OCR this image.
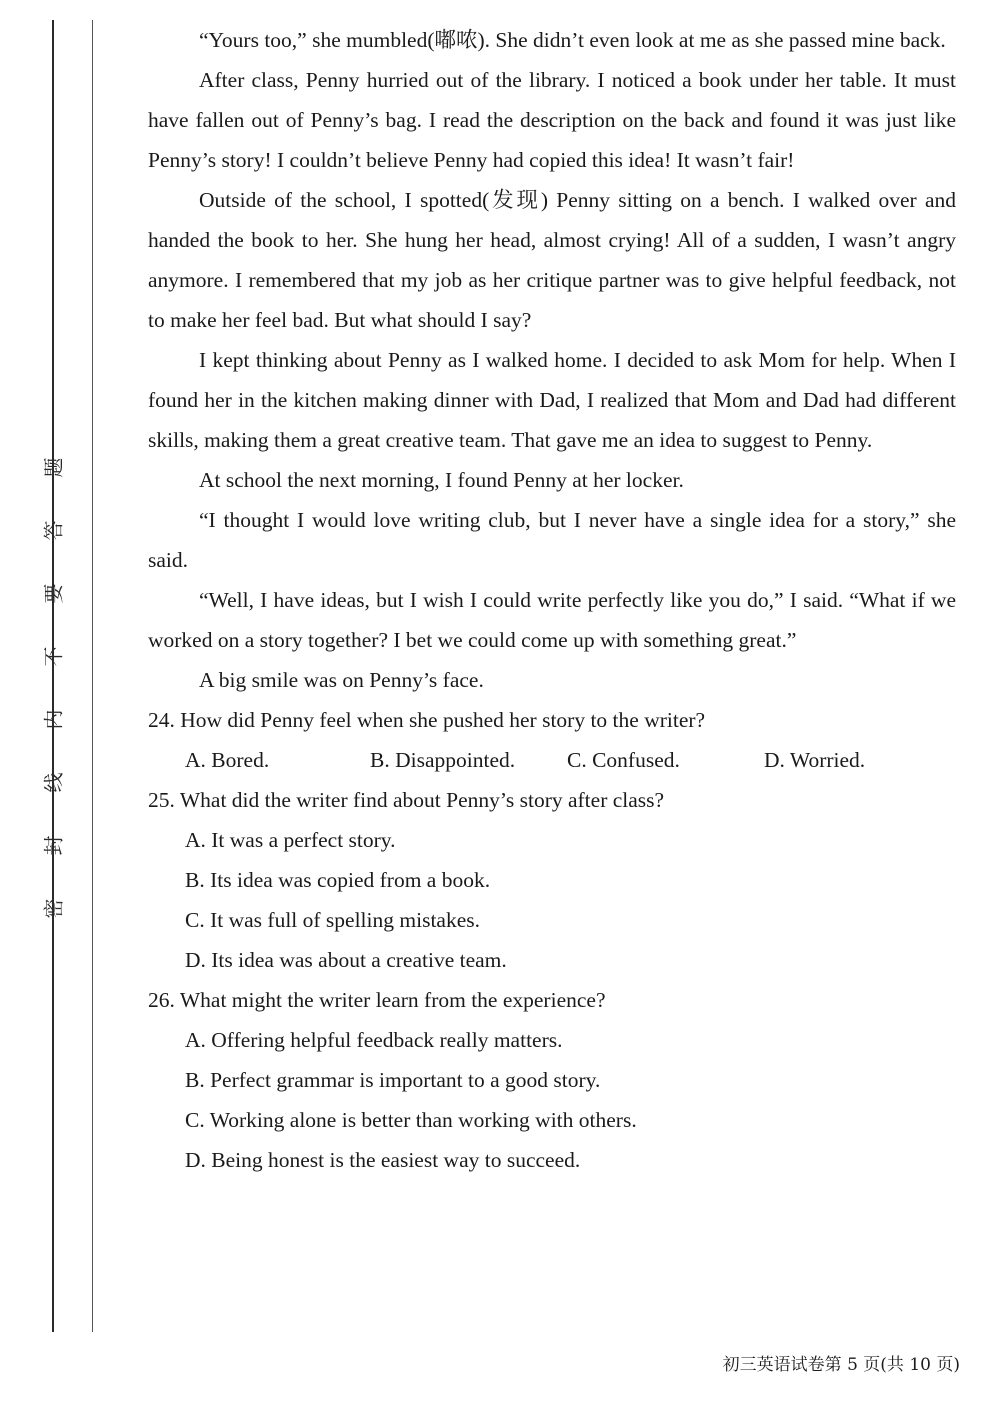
题
答
要
不
内
线
封
密

“Yours too,” she mumbled(嘟哝). She didn’t even look at me as she passed mine back.

After class, Penny hurried out of the library. I noticed a book under her table. It must have fallen out of Penny’s bag. I read the description on the back and found it was just like Penny’s story! I couldn’t believe Penny had copied this idea! It wasn’t fair!

Outside of the school, I spotted(发现) Penny sitting on a bench. I walked over and handed the book to her. She hung her head, almost crying! All of a sudden, I wasn’t angry anymore. I remembered that my job as her critique partner was to give helpful feedback, not to make her feel bad. But what should I say?

I kept thinking about Penny as I walked home. I decided to ask Mom for help. When I found her in the kitchen making dinner with Dad, I realized that Mom and Dad had different skills, making them a great creative team. That gave me an idea to suggest to Penny.

At school the next morning, I found Penny at her locker.

“I thought I would love writing club, but I never have a single idea for a story,” she said.

“Well, I have ideas, but I wish I could write perfectly like you do,” I said. “What if we worked on a story together? I bet we could come up with something great.”

A big smile was on Penny’s face.

24. How did Penny feel when she pushed her story to the writer?

A. Bored.	B. Disappointed.	C. Confused.	D. Worried.

25. What did the writer find about Penny’s story after class?

A. It was a perfect story.

B. Its idea was copied from a book.

C. It was full of spelling mistakes.

D. Its idea was about a creative team.

26. What might the writer learn from the experience?

A. Offering helpful feedback really matters.

B. Perfect grammar is important to a good story.

C. Working alone is better than working with others.

D. Being honest is the easiest way to succeed.

初三英语试卷第 5 页(共 10 页)
